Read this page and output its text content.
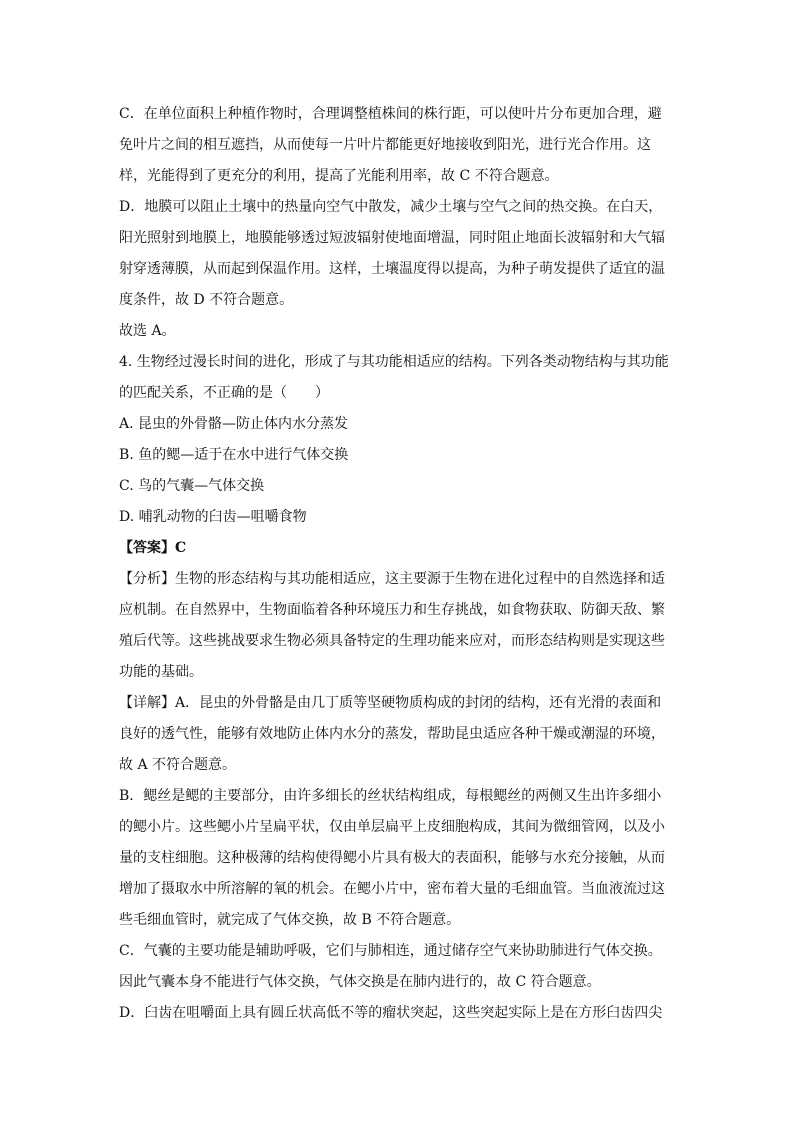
C．在单位面积上种植作物时，合理调整植株间的株行距，可以使叶片分布更加合理，避
免叶片之间的相互遮挡，从而使每一片叶片都能更好地接收到阳光，进行光合作用。这
样，光能得到了更充分的利用，提高了光能利用率，故 C 不符合题意。
D．地膜可以阻止土壤中的热量向空气中散发，减少土壤与空气之间的热交换。在白天，
阳光照射到地膜上，地膜能够透过短波辐射使地面增温，同时阻止地面长波辐射和大气辐
射穿透薄膜，从而起到保温作用。这样，土壤温度得以提高，为种子萌发提供了适宜的温
度条件，故 D 不符合题意。
故选 A。
4. 生物经过漫长时间的进化，形成了与其功能相适应的结构。下列各类动物结构与其功能
的匹配关系，不正确的是（　　）
A. 昆虫的外骨骼—防止体内水分蒸发
B. 鱼的鳃—适于在水中进行气体交换
C. 鸟的气囊—气体交换
D. 哺乳动物的臼齿—咀嚼食物
【答案】C
【分析】生物的形态结构与其功能相适应，这主要源于生物在进化过程中的自然选择和适
应机制。在自然界中，生物面临着各种环境压力和生存挑战，如食物获取、防御天敌、繁
殖后代等。这些挑战要求生物必须具备特定的生理功能来应对，而形态结构则是实现这些
功能的基础。
【详解】A．昆虫的外骨骼是由几丁质等坚硬物质构成的封闭的结构，还有光滑的表面和
良好的透气性，能够有效地防止体内水分的蒸发，帮助昆虫适应各种干燥或潮湿的环境，
故 A 不符合题意。
B．鳃丝是鳃的主要部分，由许多细长的丝状结构组成，每根鳃丝的两侧又生出许多细小
的鳃小片。这些鳃小片呈扁平状，仅由单层扁平上皮细胞构成，其间为微细管网，以及小
量的支柱细胞。这种极薄的结构使得鳃小片具有极大的表面积，能够与水充分接触，从而
增加了摄取水中所溶解的氧的机会。在鳃小片中，密布着大量的毛细血管。当血液流过这
些毛细血管时，就完成了气体交换，故 B 不符合题意。
C．气囊的主要功能是辅助呼吸，它们与肺相连，通过储存空气来协助肺进行气体交换。
因此气囊本身不能进行气体交换，气体交换是在肺内进行的，故 C 符合题意。
D．臼齿在咀嚼面上具有圆丘状高低不等的瘤状突起，这些突起实际上是在方形臼齿四尖
